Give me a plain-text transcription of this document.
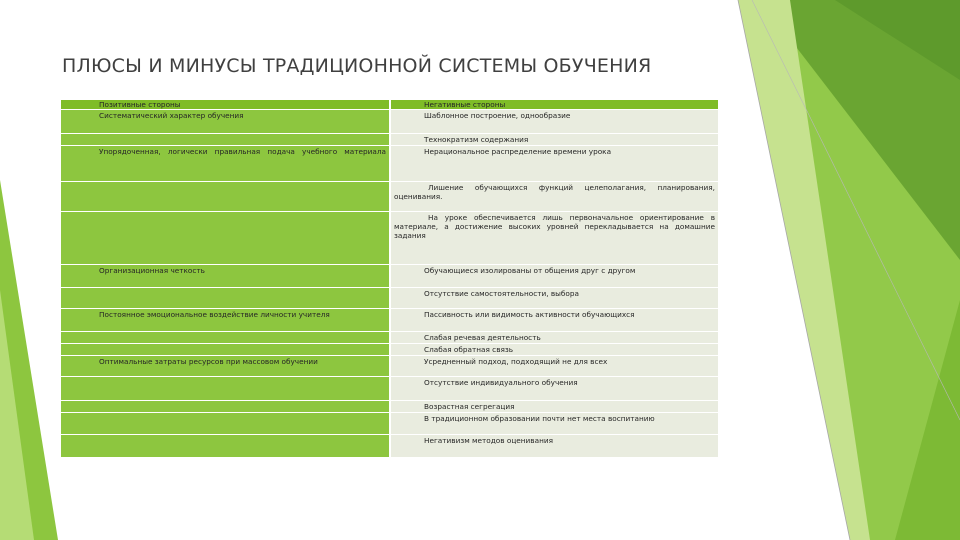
ПЛЮСЫ И МИНУСЫ ТРАДИЦИОННОЙ СИСТЕМЫ ОБУЧЕНИЯ
Позитивные стороны	Негативные стороны

Систематический характер обучения	Шаблонное построение, однообразие

	Технократизм содержания

Упорядоченная, логически правильная подача учебного материала	Нерациональное распределение времени урока

	Лишение обучающихся функций целеполагания, планирования, оценивания.

	На уроке обеспечивается лишь первоначальное ориентирование в материале, а достижение высоких уровней перекладывается на домашние задания

Организационная четкость	Обучающиеся изолированы от общения друг с другом

	Отсутствие самостоятельности, выбора

Постоянное эмоциональное воздействие личности учителя	Пассивность или видимость активности обучающихся

	Слабая речевая деятельность

	Слабая обратная связь

Оптимальные затраты ресурсов при массовом обучении	Усредненный подход, подходящий не для всех

	Отсутствие индивидуального обучения

	Возрастная сегрегация

	В традиционном образовании почти нет места воспитанию

	Негативизм методов оценивания
